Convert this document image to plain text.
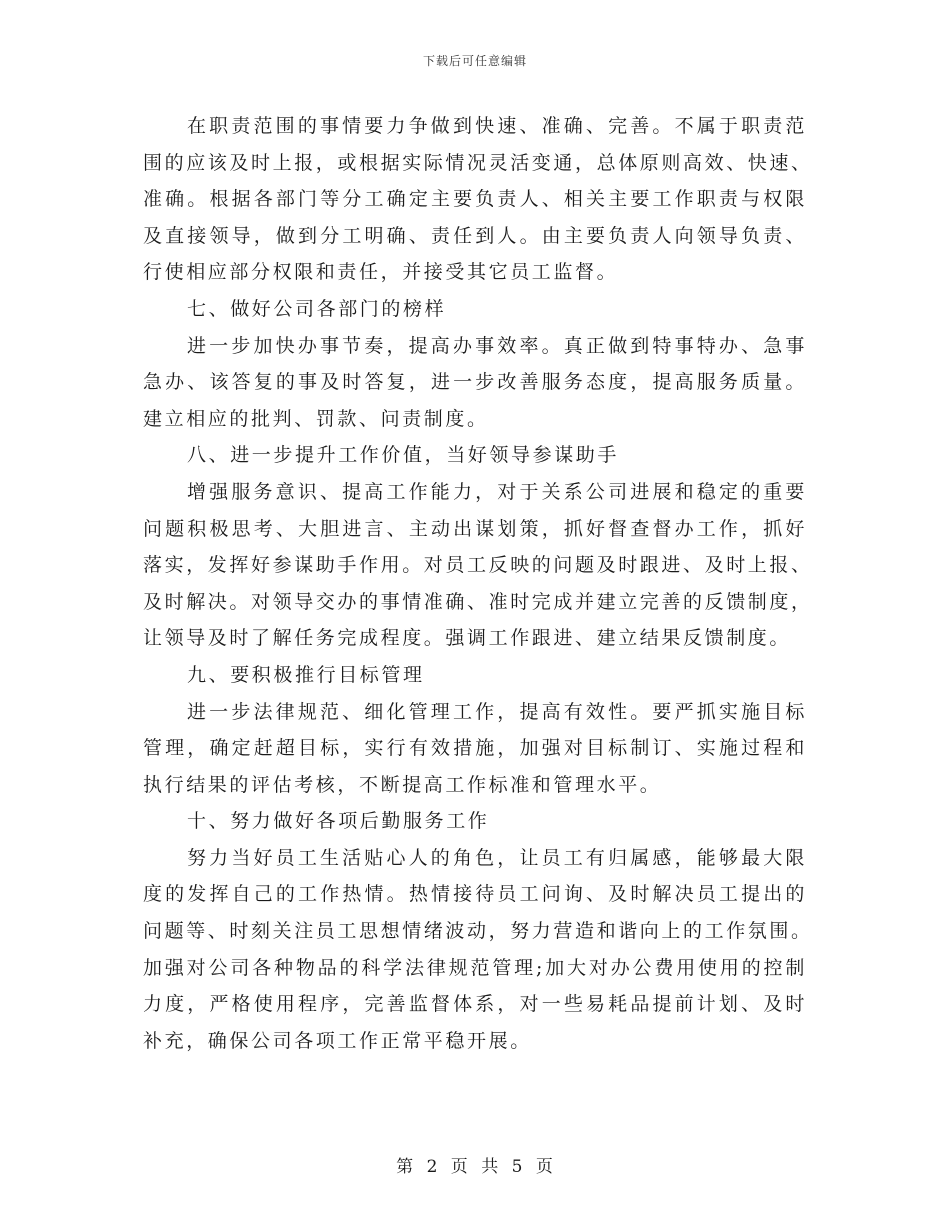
下载后可任意编辑
在职责范围的事情要力争做到快速、准确、完善。不属于职责范
围的应该及时上报，或根据实际情况灵活变通，总体原则高效、快速、
准确。根据各部门等分工确定主要负责人、相关主要工作职责与权限
及直接领导，做到分工明确、责任到人。由主要负责人向领导负责、
行使相应部分权限和责任，并接受其它员工监督。
七、做好公司各部门的榜样
进一步加快办事节奏，提高办事效率。真正做到特事特办、急事
急办、该答复的事及时答复，进一步改善服务态度，提高服务质量。
建立相应的批判、罚款、问责制度。
八、进一步提升工作价值，当好领导参谋助手
增强服务意识、提高工作能力，对于关系公司进展和稳定的重要
问题积极思考、大胆进言、主动出谋划策，抓好督查督办工作，抓好
落实，发挥好参谋助手作用。对员工反映的问题及时跟进、及时上报、
及时解决。对领导交办的事情准确、准时完成并建立完善的反馈制度，
让领导及时了解任务完成程度。强调工作跟进、建立结果反馈制度。
九、要积极推行目标管理
进一步法律规范、细化管理工作，提高有效性。要严抓实施目标
管理，确定赶超目标，实行有效措施，加强对目标制订、实施过程和
执行结果的评估考核，不断提高工作标准和管理水平。
十、努力做好各项后勤服务工作
努力当好员工生活贴心人的角色，让员工有归属感，能够最大限
度的发挥自己的工作热情。热情接待员工问询、及时解决员工提出的
问题等、时刻关注员工思想情绪波动，努力营造和谐向上的工作氛围。
加强对公司各种物品的科学法律规范管理;加大对办公费用使用的控制
力度，严格使用程序，完善监督体系，对一些易耗品提前计划、及时
补充，确保公司各项工作正常平稳开展。
第 2 页 共 5 页
